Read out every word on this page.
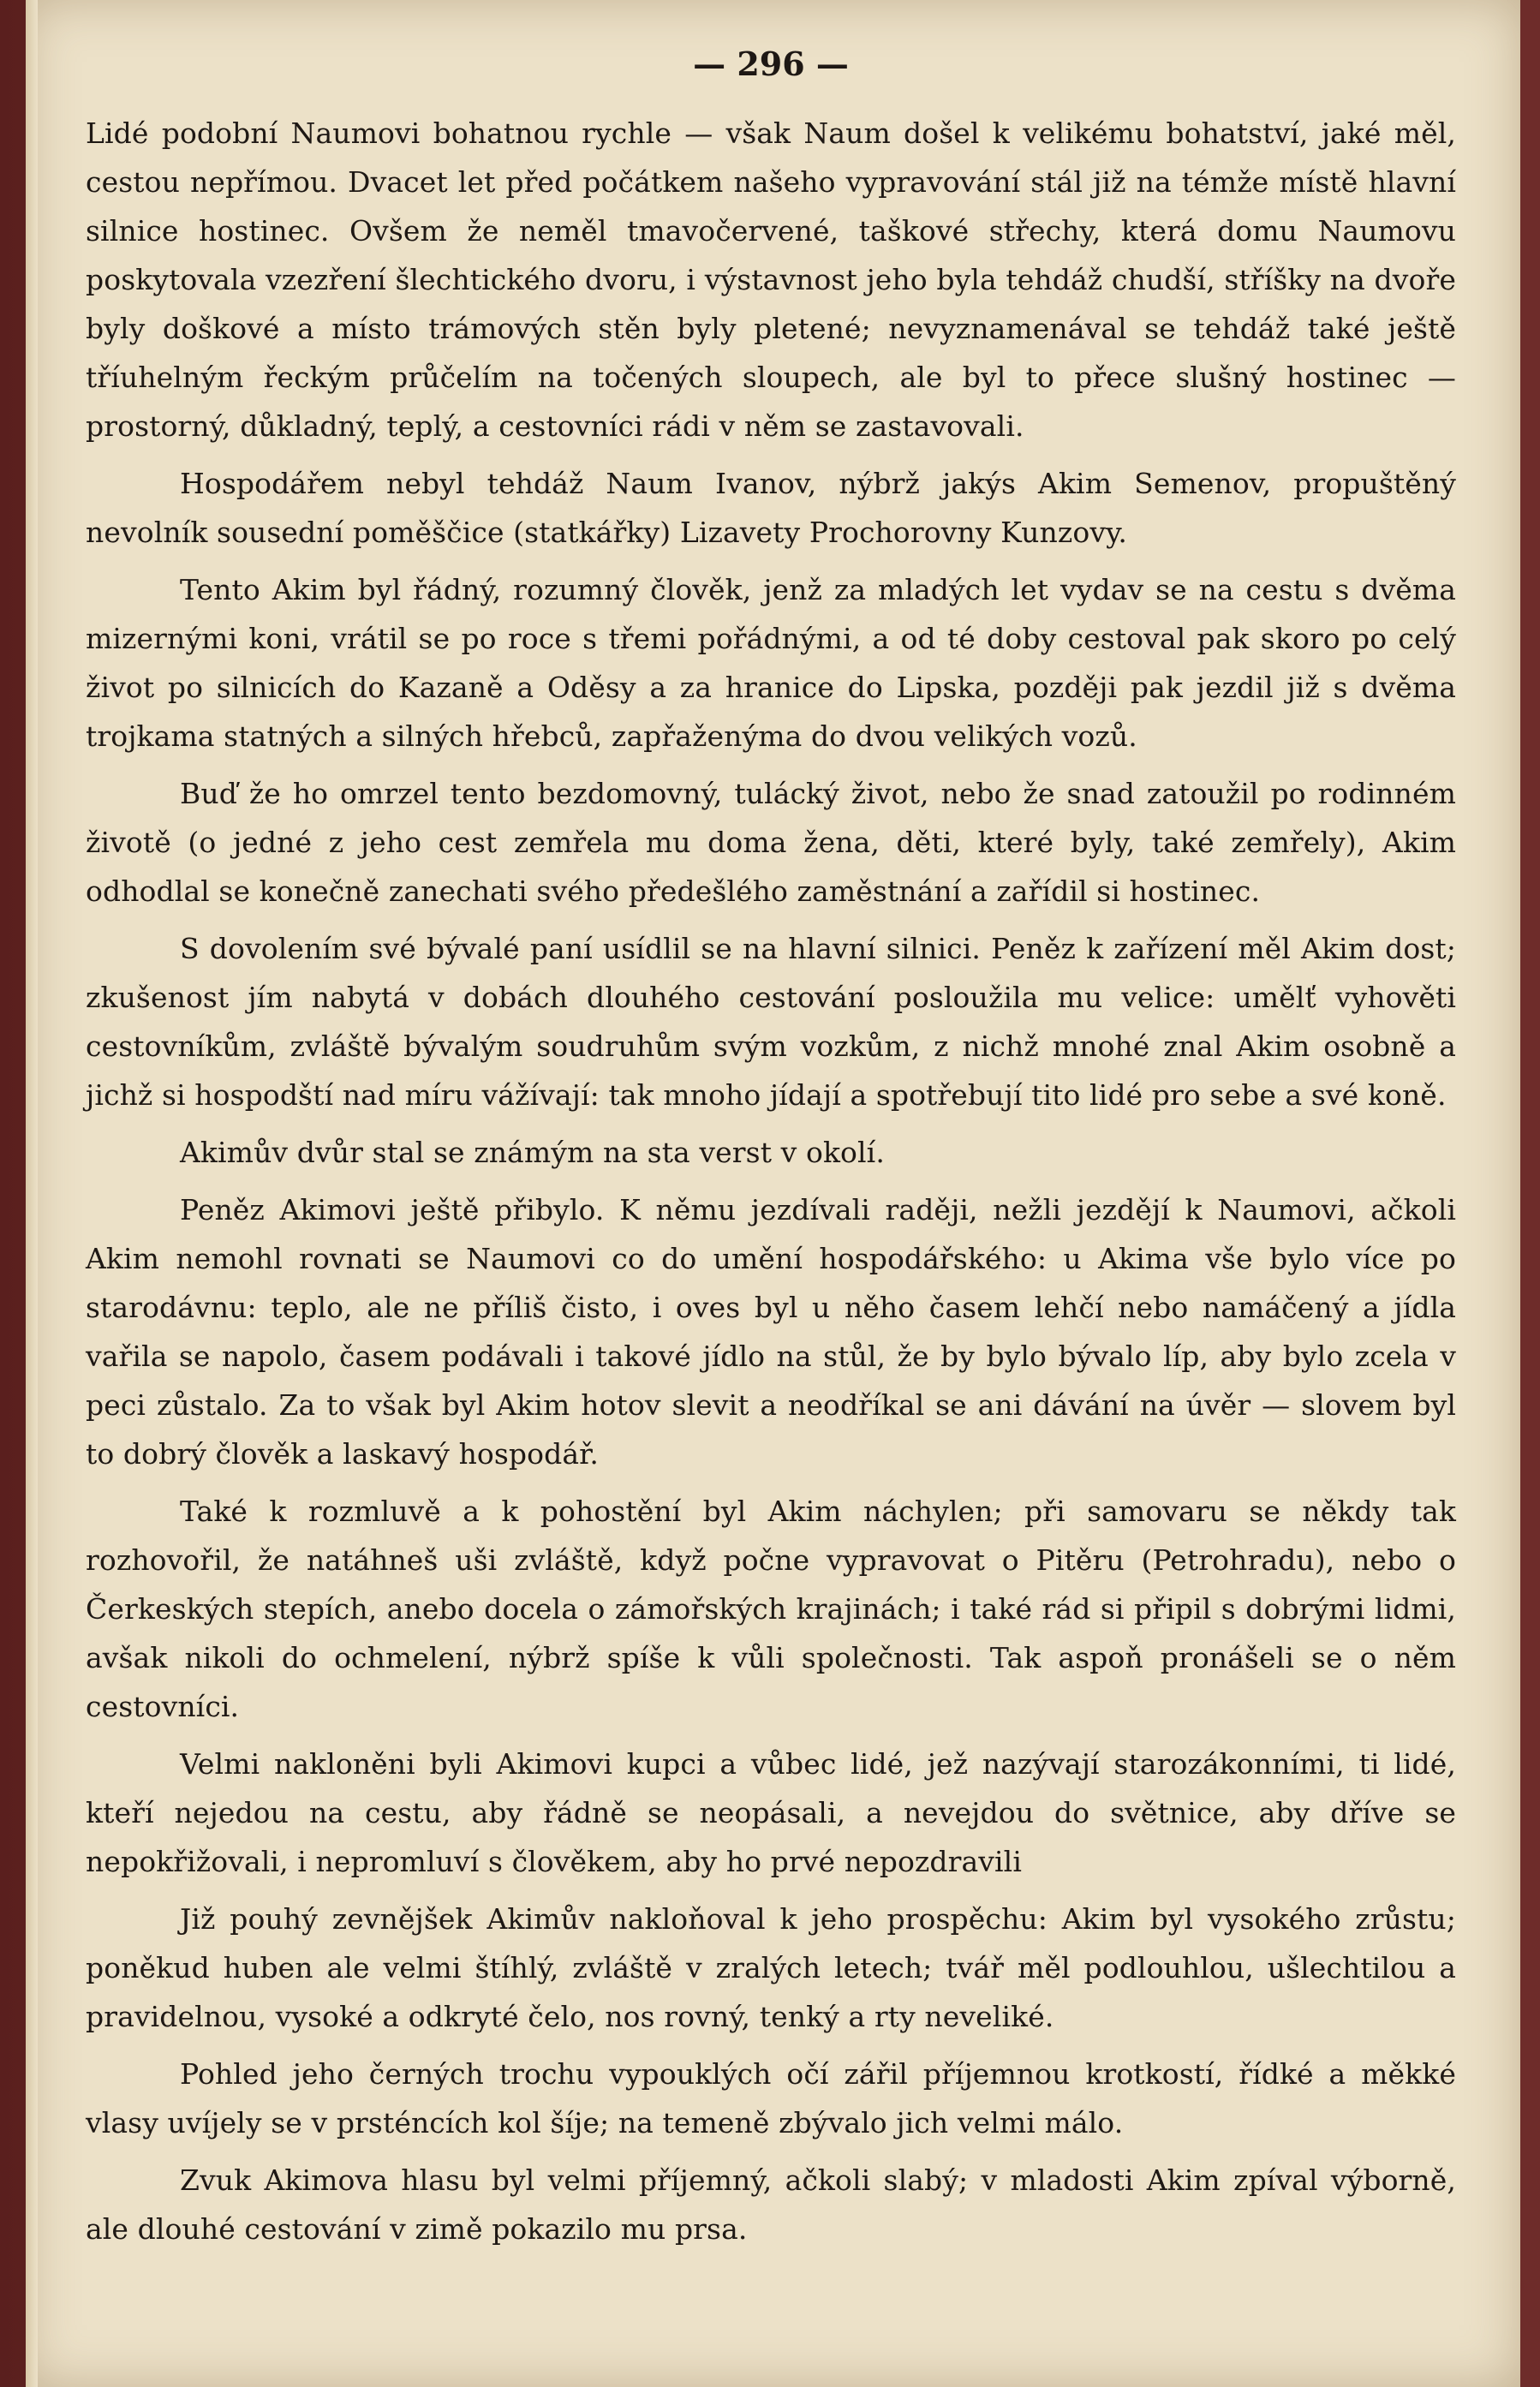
— 296 —

Lidé podobní Naumovi bohatnou rychle — však Naum došel k velikému bohatství, jaké měl, cestou nepřímou. Dvacet let před počátkem našeho vypravování stál již na témže místě hlavní silnice hostinec. Ovšem že neměl tmavočervené, taškové střechy, která domu Naumovu poskytovala vzezření šlechtického dvoru, i výstavnost jeho byla tehdáž chudší, stříšky na dvoře byly doškové a místo trámových stěn byly pletené; nevyznamenával se tehdáž také ještě tříuhelným řeckým průčelím na točených sloupech, ale byl to přece slušný hostinec — prostorný, důkladný, teplý, a cestovníci rádi v něm se zastavovali.

Hospodářem nebyl tehdáž Naum Ivanov, nýbrž jakýs Akim Semenov, propuštěný nevolník sousední poměščice (statkářky) Lizavety Prochorovny Kunzovy.

Tento Akim byl řádný, rozumný člověk, jenž za mladých let vydav se na cestu s dvěma mizernými koni, vrátil se po roce s třemi pořádnými, a od té doby cestoval pak skoro po celý život po silnicích do Kazaně a Oděsy a za hranice do Lipska, později pak jezdil již s dvěma trojkama statných a silných hřebců, zapřaženýma do dvou velikých vozů.

Buď že ho omrzel tento bezdomovný, tulácký život, nebo že snad zatoužil po rodinném životě (o jedné z jeho cest zemřela mu doma žena, děti, které byly, také zemřely), Akim odhodlal se konečně zanechati svého předešlého zaměstnání a zařídil si hostinec.

S dovolením své bývalé paní usídlil se na hlavní silnici. Peněz k zařízení měl Akim dost; zkušenost jím nabytá v dobách dlouhého cestování posloužila mu velice: umělť vyhověti cestovníkům, zvláště bývalým soudruhům svým vozkům, z nichž mnohé znal Akim osobně a jichž si hospodští nad míru vážívají: tak mnoho jídají a spotřebují tito lidé pro sebe a své koně.

Akimův dvůr stal se známým na sta verst v okolí.

Peněz Akimovi ještě přibylo. K němu jezdívali raději, nežli jezdějí k Naumovi, ačkoli Akim nemohl rovnati se Naumovi co do umění hospodářského: u Akima vše bylo více po starodávnu: teplo, ale ne příliš čisto, i oves byl u něho časem lehčí nebo namáčený a jídla vařila se napolo, časem podávali i takové jídlo na stůl, že by bylo bývalo líp, aby bylo zcela v peci zůstalo. Za to však byl Akim hotov slevit a neodříkal se ani dávání na úvěr — slovem byl to dobrý člověk a laskavý hospodář.

Také k rozmluvě a k pohostění byl Akim náchylen; při samovaru se někdy tak rozhovořil, že natáhneš uši zvláště, když počne vypravovat o Pitěru (Petrohradu), nebo o Čerkeských stepích, anebo docela o zámořských krajinách; i také rád si připil s dobrými lidmi, avšak nikoli do ochmelení, nýbrž spíše k vůli společnosti. Tak aspoň pronášeli se o něm cestovníci.

Velmi nakloněni byli Akimovi kupci a vůbec lidé, jež nazývají starozákonními, ti lidé, kteří nejedou na cestu, aby řádně se neopásali, a nevejdou do světnice, aby dříve se nepokřižovali, i nepromluví s člověkem, aby ho prvé nepozdravili

Již pouhý zevnějšek Akimův nakloňoval k jeho prospěchu: Akim byl vysokého zrůstu; poněkud huben ale velmi štíhlý, zvláště v zralých letech; tvář měl podlouhlou, ušlechtilou a pravidelnou, vysoké a odkryté čelo, nos rovný, tenký a rty neveliké.

Pohled jeho černých trochu vypouklých očí zářil příjemnou krotkostí, řídké a měkké vlasy uvíjely se v prsténcích kol šíje; na temeně zbývalo jich velmi málo.

Zvuk Akimova hlasu byl velmi příjemný, ačkoli slabý; v mladosti Akim zpíval výborně, ale dlouhé cestování v zimě pokazilo mu prsa.
